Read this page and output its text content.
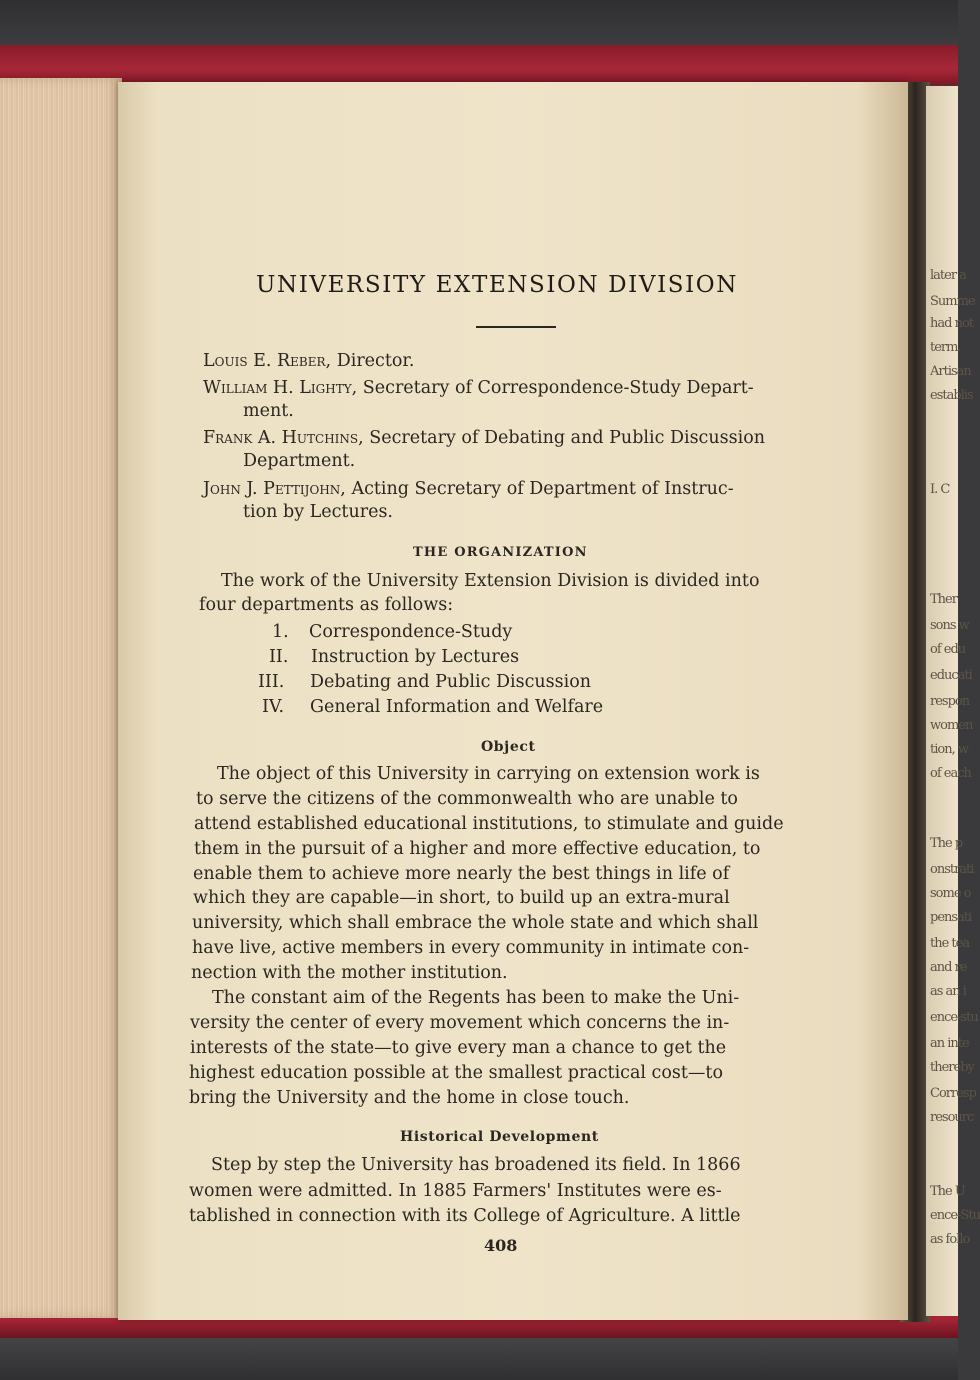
later a
Summe
had not
term.
Artisan
establis
I. C
Ther
sons w
of edu
educati
respon
women
tion, w
of each
The p
onstrati
some o
pensati
the tea
and re
as an i
ence-stu
an inte
thereby
Corresp
resourc
The U
ence-Stu
as follo
UNIVERSITY EXTENSION DIVISION
Louis E. Reber, Director.
William H. Lighty, Secretary of Correspondence-Study Depart-
ment.
Frank A. Hutchins, Secretary of Debating and Public Discussion
Department.
John J. Pettijohn, Acting Secretary of Department of Instruc-
tion by Lectures.
THE ORGANIZATION
The work of the University Extension Division is divided into
four departments as follows:
1. Correspondence-Study
II. Instruction by Lectures
III. Debating and Public Discussion
IV. General Information and Welfare
Object
The object of this University in carrying on extension work is
to serve the citizens of the commonwealth who are unable to
attend established educational institutions, to stimulate and guide
them in the pursuit of a higher and more effective education, to
enable them to achieve more nearly the best things in life of
which they are capable—in short, to build up an extra-mural
university, which shall embrace the whole state and which shall
have live, active members in every community in intimate con-
nection with the mother institution.
The constant aim of the Regents has been to make the Uni-
versity the center of every movement which concerns the in-
interests of the state—to give every man a chance to get the
highest education possible at the smallest practical cost—to
bring the University and the home in close touch.
Historical Development
Step by step the University has broadened its field. In 1866
women were admitted. In 1885 Farmers' Institutes were es-
tablished in connection with its College of Agriculture. A little
408
